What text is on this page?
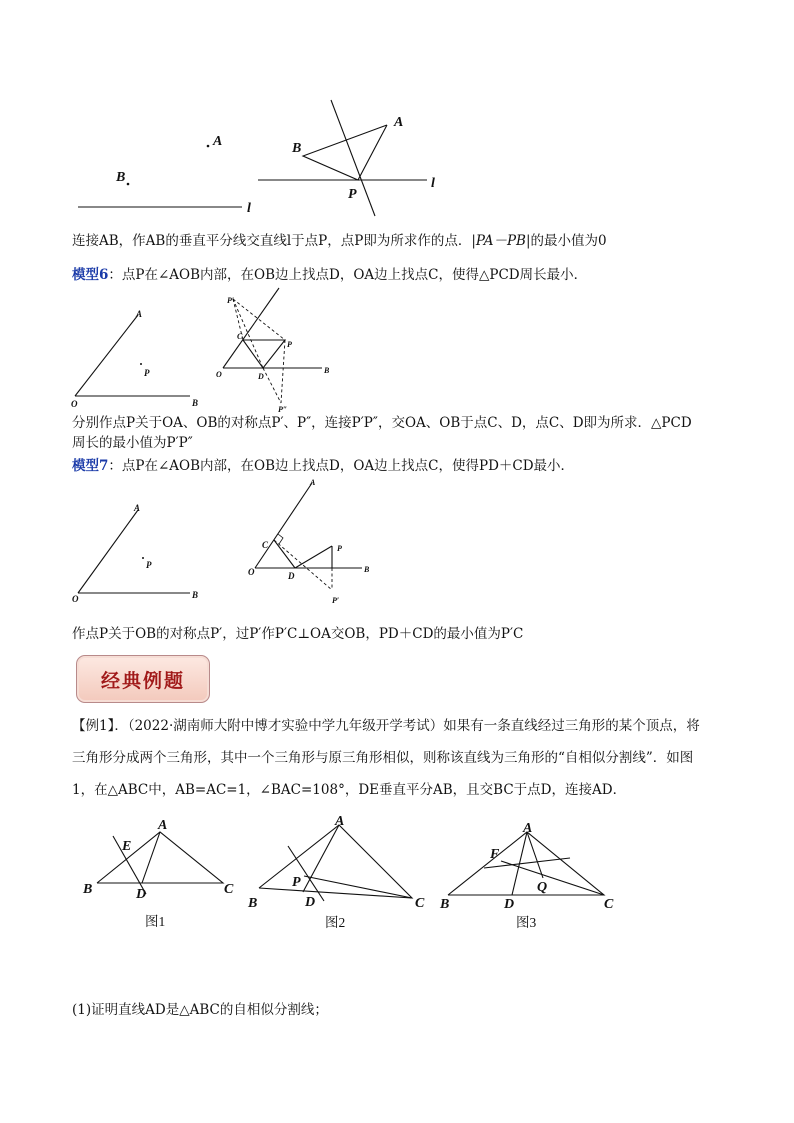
A
B
l
A
B
P
l
连接AB，作AB的垂直平分线交直线l于点P，点P即为所求作的点．|PA－PB|的最小值为0
模型6：点P在∠AOB内部，在OB边上找点D，OA边上找点C，使得△PCD周长最小．
A
P
O	B
P′
C
P
O	D
B
P″
分别作点P关于OA、OB的对称点P′、P″，连接P′P″，交OA、OB于点C、D，点C、D即为所求．△PCD
周长的最小值为P′P″
模型7：点P在∠AOB内部，在OB边上找点D，OA边上找点C，使得PD＋CD最小．
A
P
O	B
A
C	P
O	D
B
P′
作点P关于OB的对称点P′，过P′作P′C⊥OA交OB，PD＋CD的最小值为P′C
经典例题
【例1】．（2022·湖南师大附中博才实验中学九年级开学考试）如果有一条直线经过三角形的某个顶点，将
三角形分成两个三角形，其中一个三角形与原三角形相似，则称该直线为三角形的“自相似分割线”．如图
1，在△ABC中，AB=AC=1，∠BAC=108°，DE垂直平分AB，且交BC于点D，连接AD．
A
E
B	D	C
图1
A
P
B	D	C
图2
A
F
Q
B	D	C
图3
(1)证明直线AD是△ABC的自相似分割线；
